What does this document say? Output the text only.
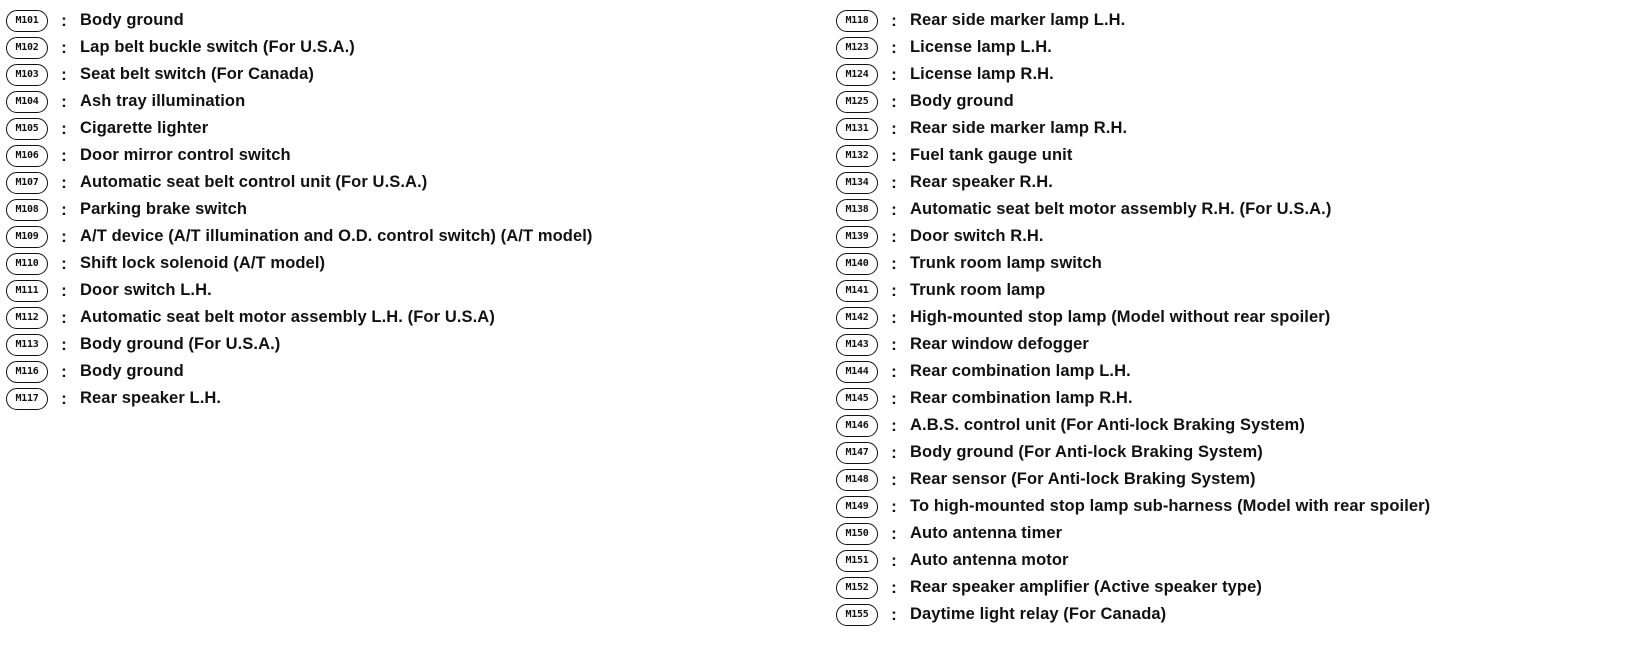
M101	: Body ground
M102	: Lap belt buckle switch (For U.S.A.)
M103	: Seat belt switch (For Canada)
M104	: Ash tray illumination
M105	: Cigarette lighter
M106	: Door mirror control switch
M107	: Automatic seat belt control unit (For U.S.A.)
M108	: Parking brake switch
M109	: A/T device (A/T illumination and O.D. control switch) (A/T model)
M110	: Shift lock solenoid (A/T model)
M111	: Door switch L.H.
M112	: Automatic seat belt motor assembly L.H. (For U.S.A)
M113	: Body ground (For U.S.A.)
M116	: Body ground
M117	: Rear speaker L.H.
M118	: Rear side marker lamp L.H.
M123	: License lamp L.H.
M124	: License lamp R.H.
M125	: Body ground
M131	: Rear side marker lamp R.H.
M132	: Fuel tank gauge unit
M134	: Rear speaker R.H.
M138	: Automatic seat belt motor assembly R.H. (For U.S.A.)
M139	: Door switch R.H.
M140	: Trunk room lamp switch
M141	: Trunk room lamp
M142	: High-mounted stop lamp (Model without rear spoiler)
M143	: Rear window defogger
M144	: Rear combination lamp L.H.
M145	: Rear combination lamp R.H.
M146	: A.B.S. control unit (For Anti-lock Braking System)
M147	: Body ground (For Anti-lock Braking System)
M148	: Rear sensor (For Anti-lock Braking System)
M149	: To high-mounted stop lamp sub-harness (Model with rear spoiler)
M150	: Auto antenna timer
M151	: Auto antenna motor
M152	: Rear speaker amplifier (Active speaker type)
M155	: Daytime light relay (For Canada)
